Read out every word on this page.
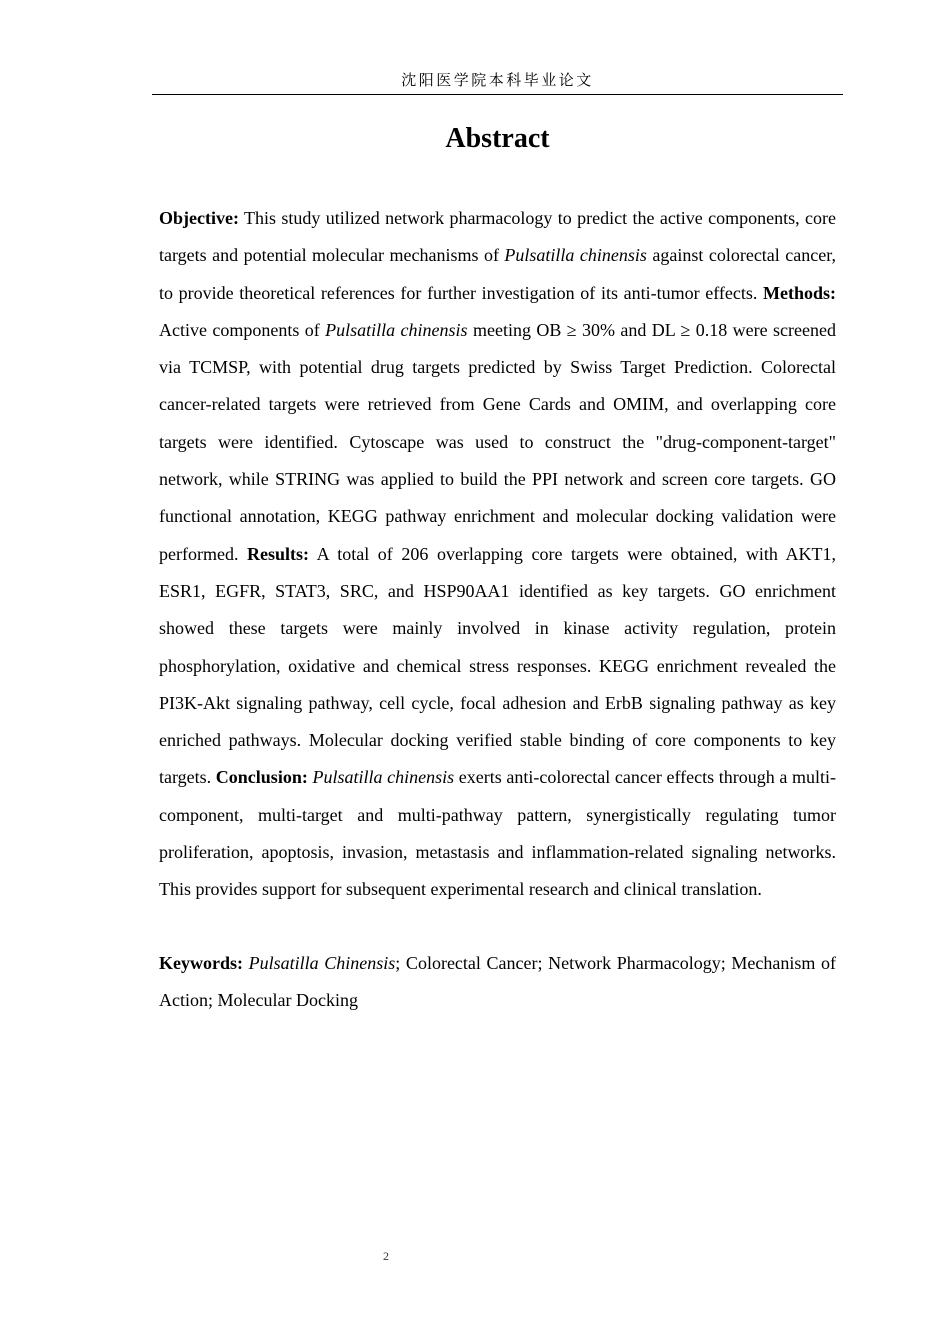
沈阳医学院本科毕业论文
Abstract

Objective: This study utilized network pharmacology to predict the active components, core targets and potential molecular mechanisms of Pulsatilla chinensis against colorectal cancer, to provide theoretical references for further investigation of its anti-tumor effects. Methods: Active components of Pulsatilla chinensis meeting OB ≥ 30% and DL ≥ 0.18 were screened via TCMSP, with potential drug targets predicted by Swiss Target Prediction. Colorectal cancer-related targets were retrieved from Gene Cards and OMIM, and overlapping core targets were identified. Cytoscape was used to construct the "drug-component-target" network, while STRING was applied to build the PPI network and screen core targets. GO functional annotation, KEGG pathway enrichment and molecular docking validation were performed. Results: A total of 206 overlapping core targets were obtained, with AKT1, ESR1, EGFR, STAT3, SRC, and HSP90AA1 identified as key targets. GO enrichment showed these targets were mainly involved in kinase activity regulation, protein phosphorylation, oxidative and chemical stress responses. KEGG enrichment revealed the PI3K-Akt signaling pathway, cell cycle, focal adhesion and ErbB signaling pathway as key enriched pathways. Molecular docking verified stable binding of core components to key targets. Conclusion: Pulsatilla chinensis exerts anti-colorectal cancer effects through a multi-component, multi-target and multi-pathway pattern, synergistically regulating tumor proliferation, apoptosis, invasion, metastasis and inflammation-related signaling networks. This provides support for subsequent experimental research and clinical translation.

Keywords: Pulsatilla Chinensis; Colorectal Cancer; Network Pharmacology; Mechanism of Action; Molecular Docking

2
